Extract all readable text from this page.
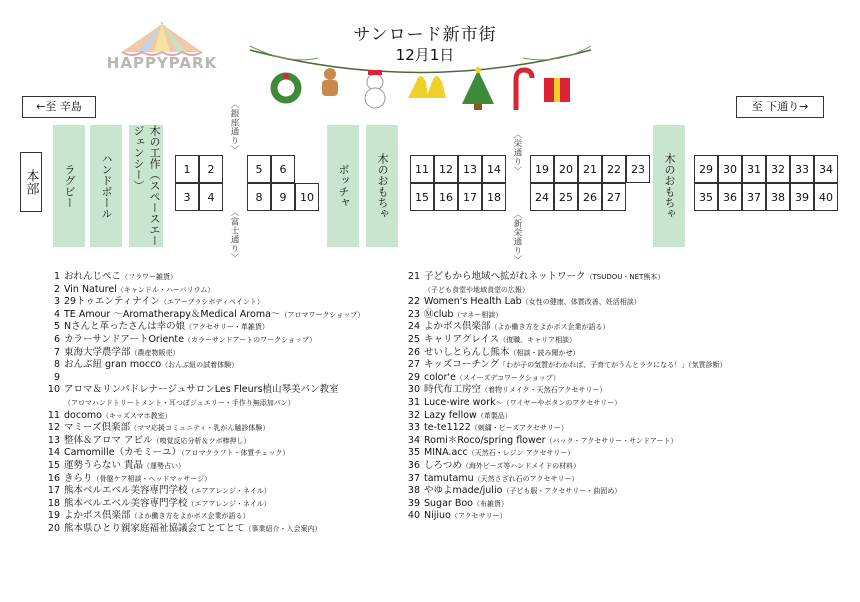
サンロード新市街
12月1日
HAPPYPARK
←至 辛島	至 下通り→
本部	ラグビー	ハンドボール	木の工作（スペースエージェンシー）	ボッチャ	木のおもちゃ	木のおもちゃ
〈銀座通り〉
〈富士通り〉
〈栄通り〉
〈新栄通り〉
1	2
3	4
5	6
8	9	10
11 12 13 14
15 16 17 18
19 20 21 22 23
24 25 26 27
29 30 31 32 33 34
35 36 37 38 39 40
1 おれんじぺこ（フラワー雑貨）
2 Vin Naturel（キャンドル・ハーバリウム）
3 29トゥエンティナイン（エアーブラシボディペイント）
4 TE Amour 〜Aromatherapy＆Medical Aroma〜（アロマワークショップ）
5 Nさんと革ったさんは幸の娘（アクセサリー・革雑貨）
6 カラーサンドアートOriente（カラーサンドアートのワークショップ）
7 東海大学農学部（農産物販売）
8 おんぶ紐 gran mocco（おんぶ紐の試着体験）
9
10 アロマ＆リンパドレナージュサロンLes Fleurs植山琴美パン教室
（アロマハンドトリートメント・耳つぼジュエリー・手作り無添加パン）
11 docomo（キッズスマホ教室）
12 マミーズ倶楽部（ママ応援コミュニティ・乳がん触診体験）
13 整体＆アロマ アビル（嗅覚反応分析＆ツボ棒押し）
14 Camomille（カモミーユ）（アロマクラフト・体質チェック）
15 運勢うらない 貴晶（運勢占い）
16 きらり（骨盤ケア相談・ヘッドマッサージ）
17 熊本ベルエベル美容専門学校（エアアレンジ・ネイル）
18 熊本ベルエベル美容専門学校（エアアレンジ・ネイル）
19 よかボス倶楽部（よか働き方をよかボス企業が語る）
20 熊本県ひとり親家庭福祉協議会てとてとて（事業紹介・入会案内）
21 子どもから地域へ拡がれネットワーク（TSUDOU・NET熊本）
（子ども食堂や地域食堂の広報）
22 Women's Health Lab（女性の健康、体質改善、妊活相談）
23 Ⓜclub（マネー相談）
24 よかボス倶楽部（よか働き方をよかボス企業が語る）
25 キャリアグレイス（復職、キャリア相談）
26 せいしとらんし熊本（相談・読み聞かせ）
27 キッズコーチング「わが子の気質がわかれば、子育てがうんとラクになる！」（気質診断）
29 color'e（スイーズデコワークショップ）
30 時代布工房空（着物リメイク・天然石アクセサリー）
31 Luce-wire work〜（ワイヤーやボタンのアクセサリー）
32 Lazy fellow（革製品）
33 te-te1122（刺繍・ビーズアクセサリー）
34 Romi＊Roco/spring flower（バック・アクセサリー・サンドアート）
35 MINA.acc（天然石・レジン アクセサリー）
36 しろつめ（海外ビーズ等ハンドメイドの材料）
37 tamutamu（天然さざれ石のアクセサリー）
38 やゆよmade/julio（子ども服・アクセサリー・曲固め）
39 Sugar Boo（布雑貨）
40 Nijiuo（アクセサリー）
